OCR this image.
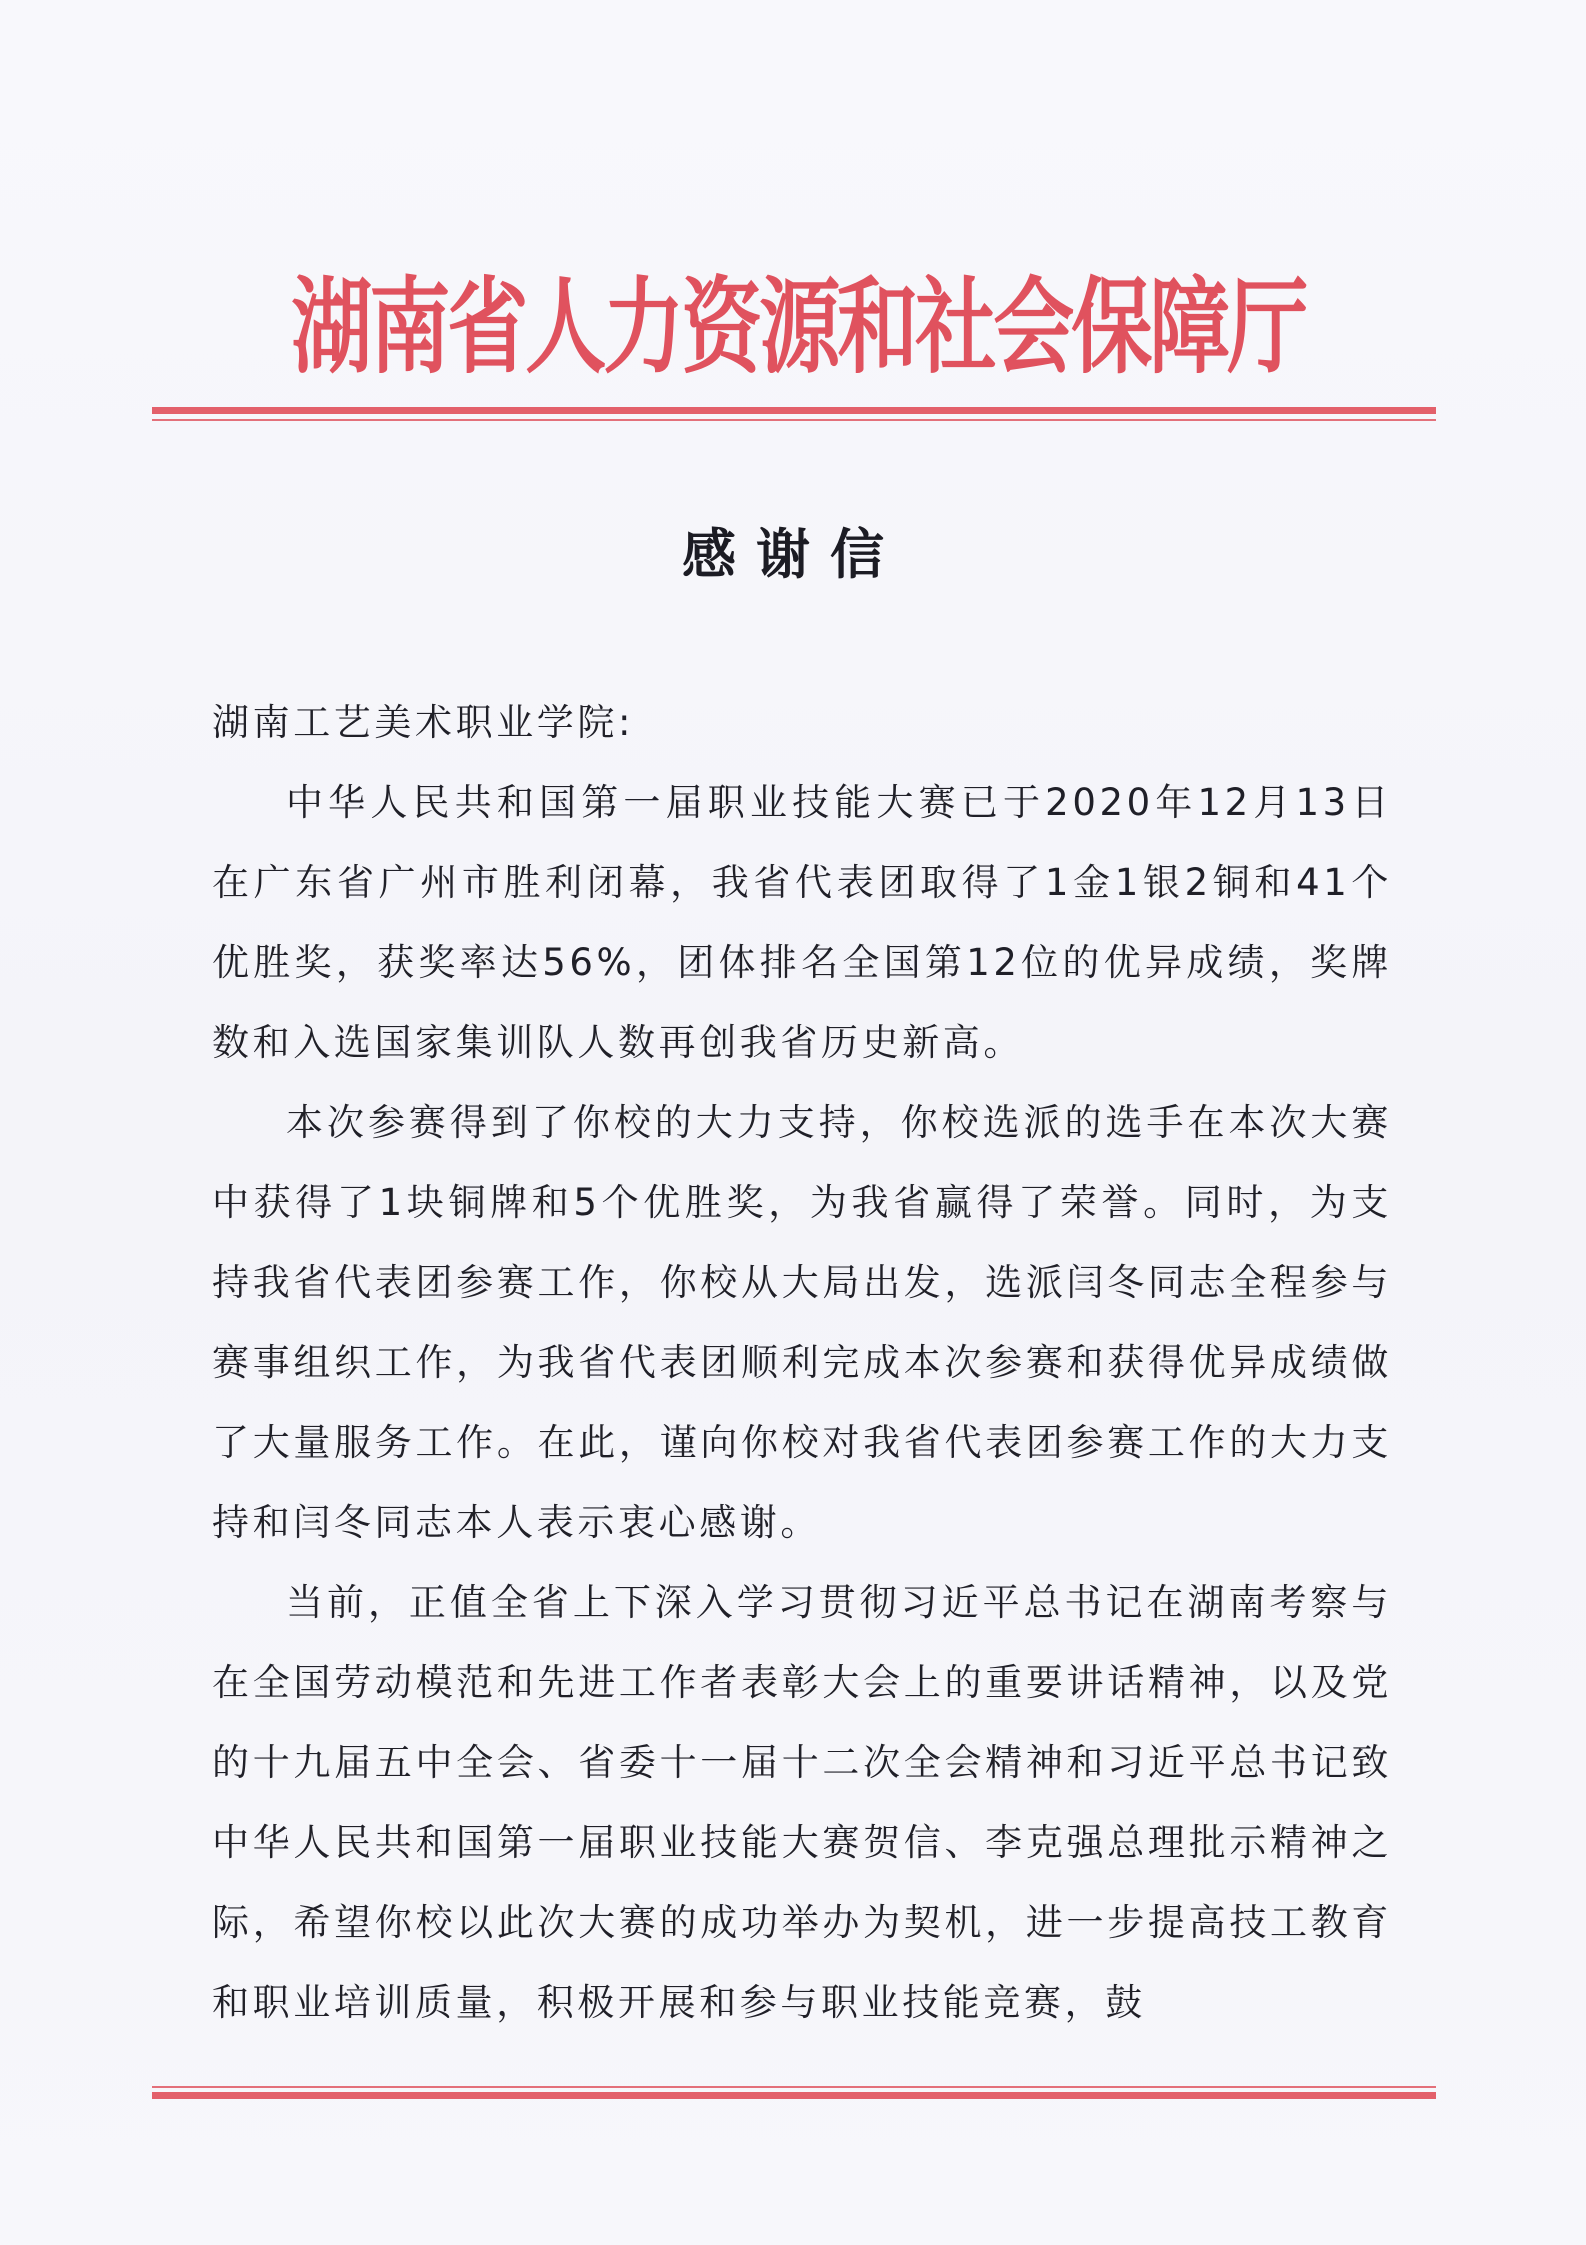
湖南省人力资源和社会保障厅
感谢信

湖南工艺美术职业学院:

中华人民共和国第一届职业技能大赛已于2020年12月13日在广东省广州市胜利闭幕，我省代表团取得了1金1银2铜和41个优胜奖，获奖率达56%，团体排名全国第12位的优异成绩，奖牌数和入选国家集训队人数再创我省历史新高。

本次参赛得到了你校的大力支持，你校选派的选手在本次大赛中获得了1块铜牌和5个优胜奖，为我省赢得了荣誉。同时，为支持我省代表团参赛工作，你校从大局出发，选派闫冬同志全程参与赛事组织工作，为我省代表团顺利完成本次参赛和获得优异成绩做了大量服务工作。在此，谨向你校对我省代表团参赛工作的大力支持和闫冬同志本人表示衷心感谢。

当前，正值全省上下深入学习贯彻习近平总书记在湖南考察与在全国劳动模范和先进工作者表彰大会上的重要讲话精神，以及党的十九届五中全会、省委十一届十二次全会精神和习近平总书记致中华人民共和国第一届职业技能大赛贺信、李克强总理批示精神之际，希望你校以此次大赛的成功举办为契机，进一步提高技工教育和职业培训质量，积极开展和参与职业技能竞赛，鼓
